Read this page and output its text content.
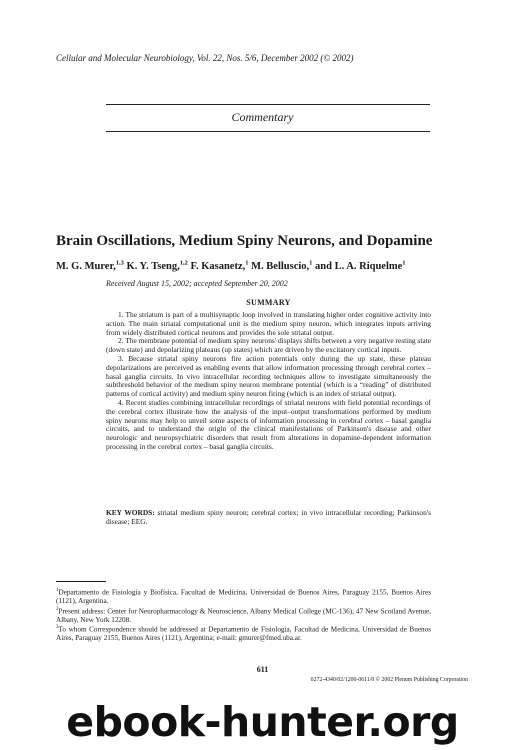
Cellular and Molecular Neurobiology, Vol. 22, Nos. 5/6, December 2002 (© 2002)
Commentary
Brain Oscillations, Medium Spiny Neurons, and Dopamine
M. G. Murer,$^{1,3}$ K. Y. Tseng,$^{1,2}$ F. Kasanetz,$^1$ M. Belluscio,$^1$ and L. A. Riquelme$^1$
Received August 15, 2002; accepted September 20, 2002
SUMMARY

1. The striatum is part of a multisynaptic loop involved in translating higher order cognitive activity into action. The main striatal computational unit is the medium spiny neuron, which integrates inputs arriving from widely distributed cortical neurons and provides the sole striatal output.

2. The membrane potential of medium spiny neurons' displays shifts between a very negative resting state (down state) and depolarizing plateaus (up states) which are driven by the excitatory cortical inputs.

3. Because striatal spiny neurons fire action potentials only during the up state, these plateau depolarizations are perceived as enabling events that allow information processing through cerebral cortex – basal ganglia circuits. In vivo intracellular recording techniques allow to investigate simultaneously the subthreshold behavior of the medium spiny neuron membrane potential (which is a “reading” of distributed patterns of cortical activity) and medium spiny neuron firing (which is an index of striatal output).

4. Recent studies combining intracellular recordings of striatal neurons with field potential recordings of the cerebral cortex illustrate how the analysis of the input–output transformations performed by medium spiny neurons may help to unveil some aspects of information processing in cerebral cortex – basal ganglia circuits, and to understand the origin of the clinical manifestations of Parkinson's disease and other neurologic and neuropsychiatric disorders that result from alterations in dopamine-dependent information processing in the cerebral cortex – basal ganglia circuits.

KEY WORDS: striatal medium spiny neuron; cerebral cortex; in vivo intracellular recording; Parkinson's disease; EEG.

$^1$Departamento de Fisiología y Biofísica, Facultad de Medicina, Universidad de Buenos Aires, Paraguay 2155, Buenos Aires (1121), Argentina.

$^2$Present address: Center for Neuropharmacology & Neuroscience, Albany Medical College (MC-136), 47 New Scotland Avenue, Albany, New York 12208.

$^3$To whom Correspondence should be addressed at Departamento de Fisiología, Facultad de Medicina, Universidad de Buenos Aires, Paraguay 2155, Buenos Aires (1121), Argentina; e-mail: gmurer@fmed.uba.ar.

611
0272-4340/02/1200-0611/0 © 2002 Plenum Publishing Corporation
ebook-hunter.org
